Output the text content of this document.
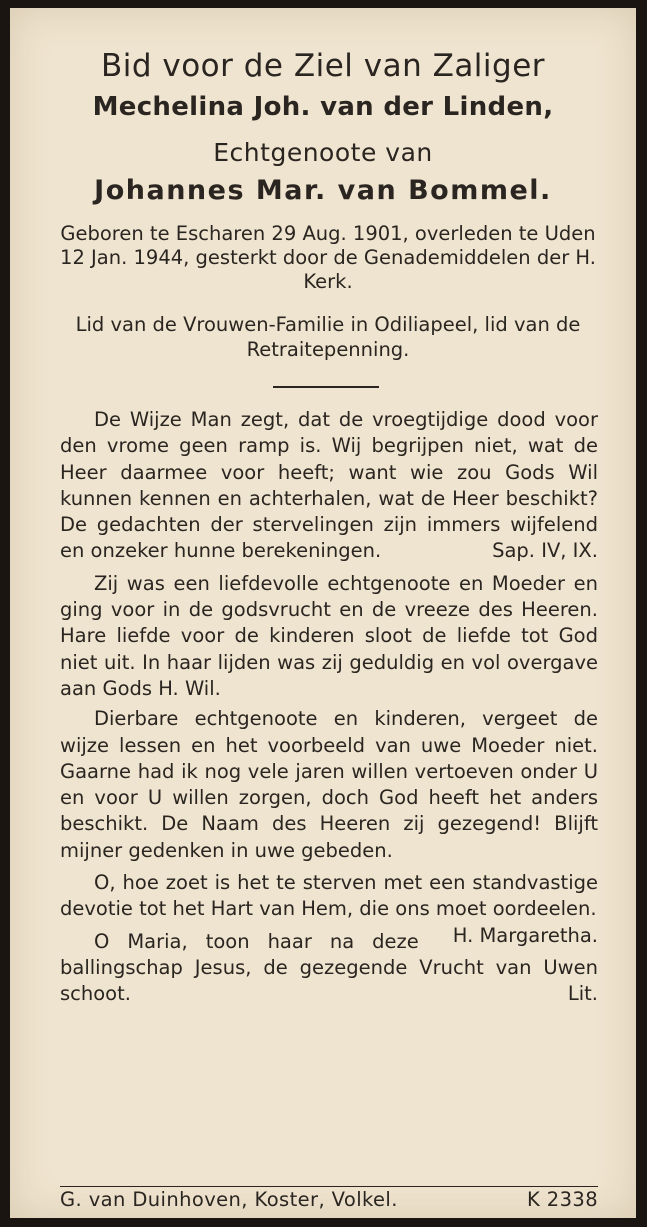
Bid voor de Ziel van Zaliger
Mechelina Joh. van der Linden,
Echtgenoote van
Johannes Mar. van Bommel.
Geboren te Escharen 29 Aug. 1901, overleden te Uden 12 Jan. 1944, gesterkt door de Genademiddelen der H. Kerk.
Lid van de Vrouwen-Familie in Odiliapeel, lid van de Retraitepenning.

De Wijze Man zegt, dat de vroegtijdige dood voor den vrome geen ramp is. Wij begrijpen niet, wat de Heer daarmee voor heeft; want wie zou Gods Wil kunnen kennen en achterhalen, wat de Heer beschikt? De gedachten der stervelingen zijn immers wijfelend en onzeker hunne berekeningen.	Sap. IV, IX.

Zij was een liefdevolle echtgenoote en Moeder en ging voor in de godsvrucht en de vreeze des Heeren. Hare liefde voor de kinderen sloot de liefde tot God niet uit. In haar lijden was zij geduldig en vol overgave aan Gods H. Wil.

Dierbare echtgenoote en kinderen, vergeet de wijze lessen en het voorbeeld van uwe Moeder niet. Gaarne had ik nog vele jaren willen vertoeven onder U en voor U willen zorgen, doch God heeft het anders beschikt. De Naam des Heeren zij gezegend! Blijft mijner gedenken in uwe gebeden.

O, hoe zoet is het te sterven met een standvastige devotie tot het Hart van Hem, die ons moet oordeelen.
H. Margaretha.

O Maria, toon haar na deze ballingschap Jesus, de gezegende Vrucht van Uwen schoot.	Lit.

G. van Duinhoven, Koster, Volkel.	K 2338
